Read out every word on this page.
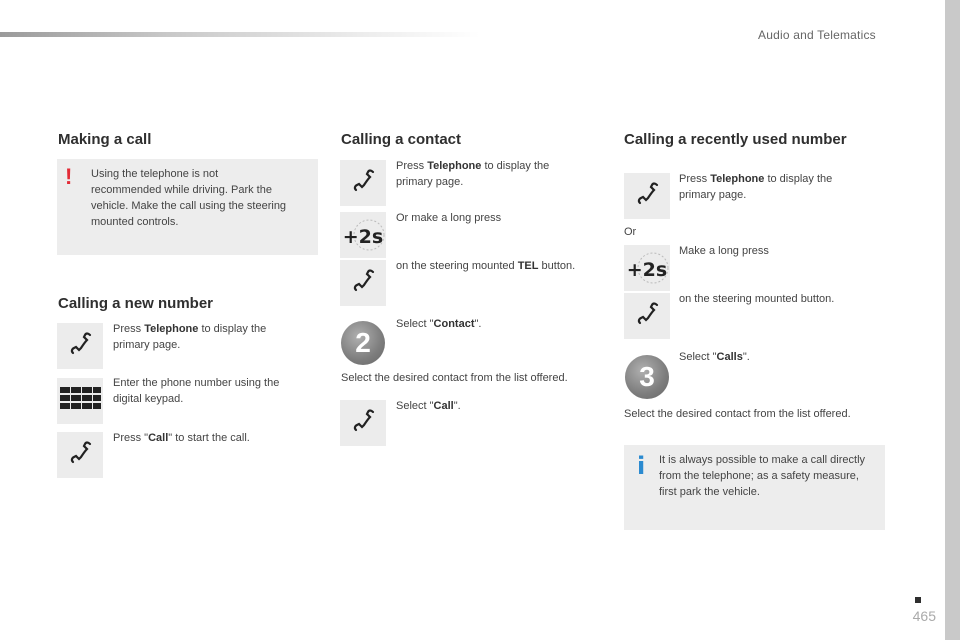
Audio and Telematics
Making a call
! Using the telephone is not recommended while driving. Park the vehicle. Make the call using the steering mounted controls.
Calling a new number
Press Telephone to display the primary page.
Enter the phone number using the digital keypad.
Press "Call" to start the call.
Calling a contact
Press Telephone to display the primary page.
+2s
Or make a long press
on the steering mounted TEL button.
2
Select "Contact".
Select the desired contact from the list offered.
Select "Call".
Calling a recently used number
Press Telephone to display the primary page.
Or
+2s
Make a long press
on the steering mounted button.
3
Select "Calls".
Select the desired contact from the list offered.
i It is always possible to make a call directly from the telephone; as a safety measure, first park the vehicle.
465
